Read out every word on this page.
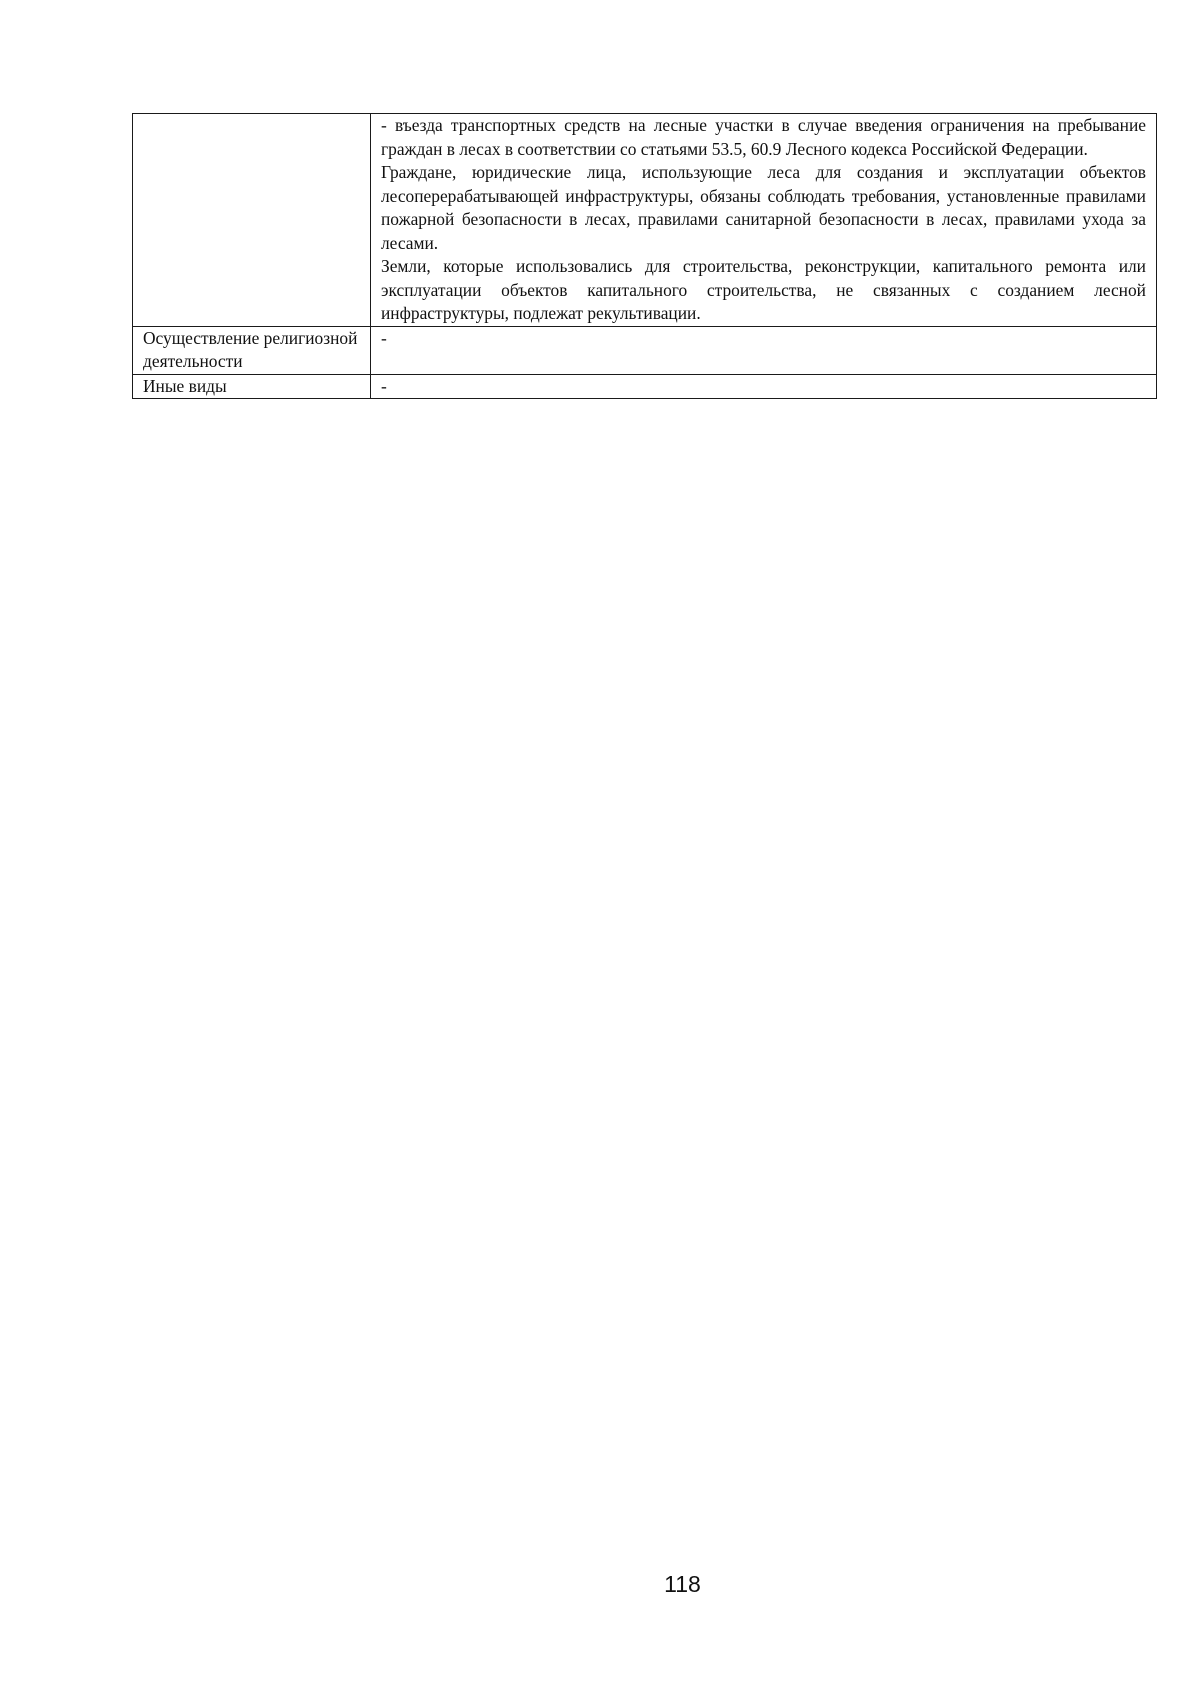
	- въезда транспортных средств на лесные участки в случае введения ограничения на пребывание граждан в лесах в соответствии со статьями 53.5, 60.9 Лесного кодекса Российской Федерации.

Граждане, юридические лица, использующие леса для создания и эксплуатации объектов лесоперерабатывающей инфраструктуры, обязаны соблюдать требования, установленные правилами пожарной безопасности в лесах, правилами санитарной безопасности в лесах, правилами ухода за лесами.

Земли, которые использовались для строительства, реконструкции, капитального ремонта или эксплуатации объектов капитального строительства, не связанных с созданием лесной инфраструктуры, подлежат рекультивации.

Осуществление религиозной деятельности	-
Иные виды	-
118
